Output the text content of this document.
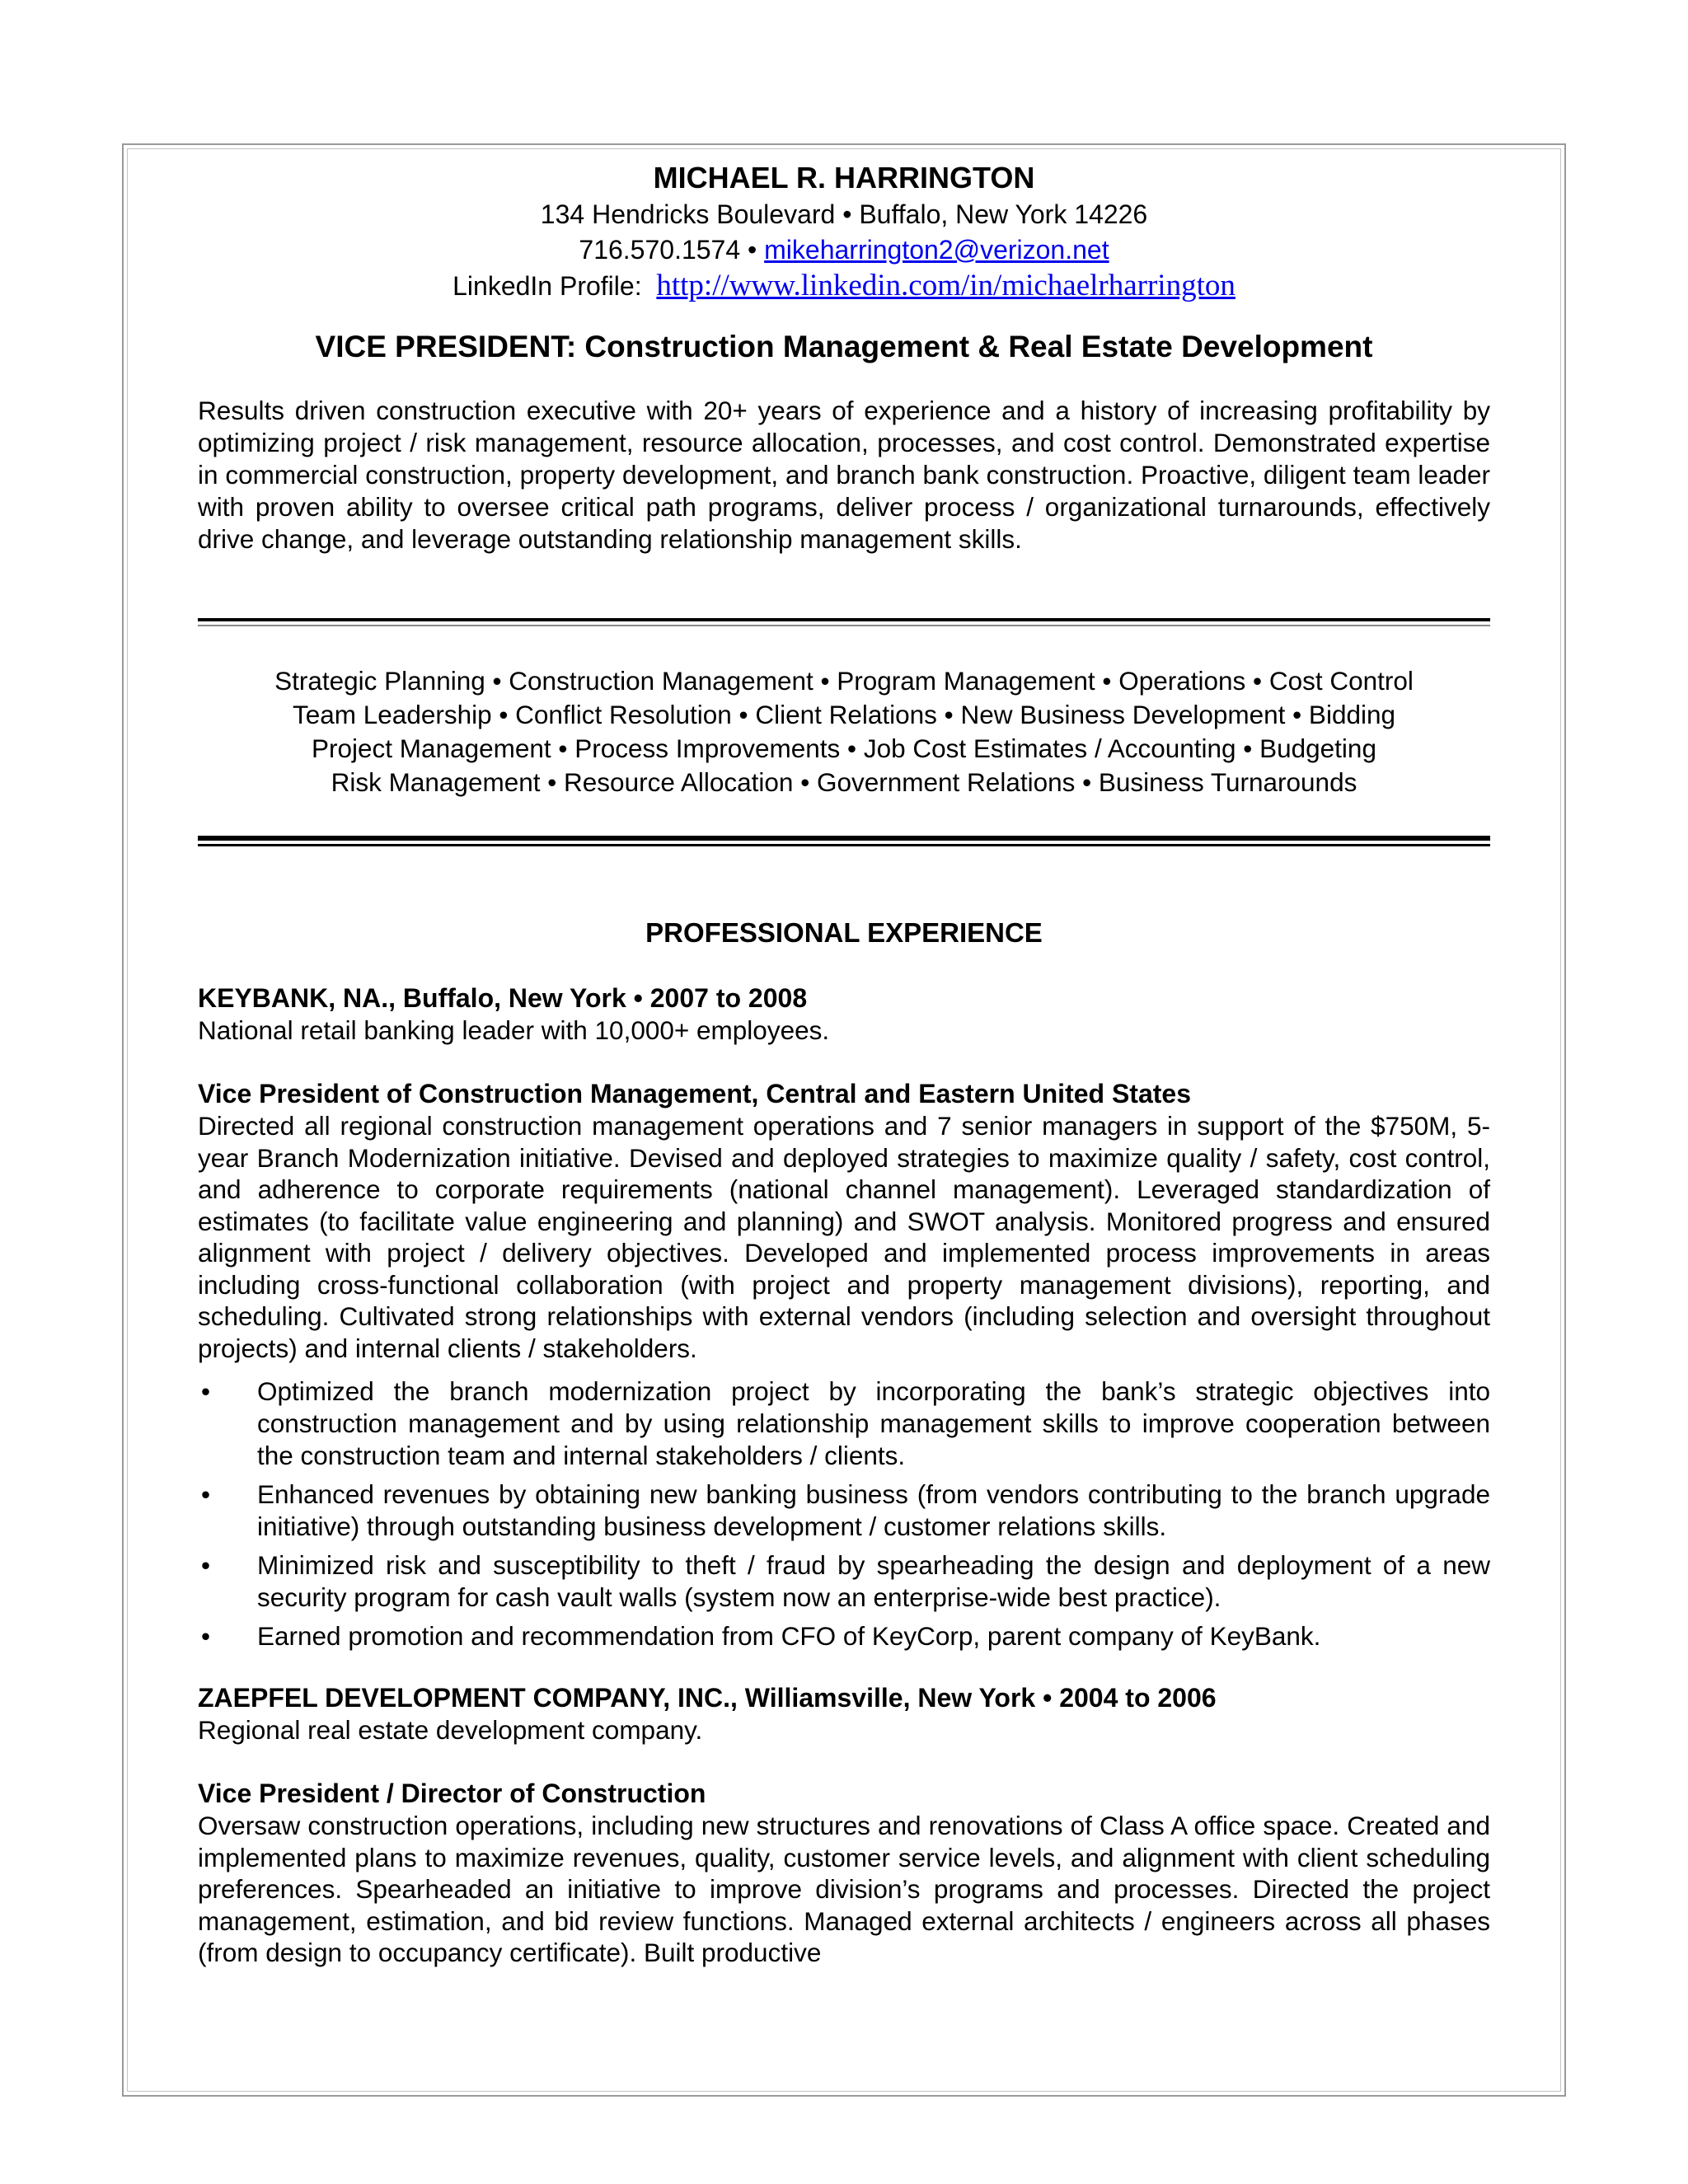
MICHAEL R. HARRINGTON
134 Hendricks Boulevard • Buffalo, New York 14226
716.570.1574 • mikeharrington2@verizon.net
LinkedIn Profile: http://www.linkedin.com/in/michaelrharrington
VICE PRESIDENT: Construction Management & Real Estate Development
Results driven construction executive with 20+ years of experience and a history of increasing profitability by optimizing project / risk management, resource allocation, processes, and cost control. Demonstrated expertise in commercial construction, property development, and branch bank construction. Proactive, diligent team leader with proven ability to oversee critical path programs, deliver process / organizational turnarounds, effectively drive change, and leverage outstanding relationship management skills.
Strategic Planning • Construction Management • Program Management • Operations • Cost Control
Team Leadership • Conflict Resolution • Client Relations • New Business Development • Bidding
Project Management • Process Improvements • Job Cost Estimates / Accounting • Budgeting
Risk Management • Resource Allocation • Government Relations • Business Turnarounds
PROFESSIONAL EXPERIENCE
KEYBANK, NA., Buffalo, New York • 2007 to 2008
National retail banking leader with 10,000+ employees.
Vice President of Construction Management, Central and Eastern United States
Directed all regional construction management operations and 7 senior managers in support of the $750M, 5-year Branch Modernization initiative. Devised and deployed strategies to maximize quality / safety, cost control, and adherence to corporate requirements (national channel management). Leveraged standardization of estimates (to facilitate value engineering and planning) and SWOT analysis. Monitored progress and ensured alignment with project / delivery objectives. Developed and implemented process improvements in areas including cross-functional collaboration (with project and property management divisions), reporting, and scheduling. Cultivated strong relationships with external vendors (including selection and oversight throughout projects) and internal clients / stakeholders.
• Optimized the branch modernization project by incorporating the bank’s strategic objectives into construction management and by using relationship management skills to improve cooperation between the construction team and internal stakeholders / clients.
• Enhanced revenues by obtaining new banking business (from vendors contributing to the branch upgrade initiative) through outstanding business development / customer relations skills.
• Minimized risk and susceptibility to theft / fraud by spearheading the design and deployment of a new security program for cash vault walls (system now an enterprise-wide best practice).
• Earned promotion and recommendation from CFO of KeyCorp, parent company of KeyBank.
ZAEPFEL DEVELOPMENT COMPANY, INC., Williamsville, New York • 2004 to 2006
Regional real estate development company.
Vice President / Director of Construction
Oversaw construction operations, including new structures and renovations of Class A office space. Created and implemented plans to maximize revenues, quality, customer service levels, and alignment with client scheduling preferences. Spearheaded an initiative to improve division’s programs and processes. Directed the project management, estimation, and bid review functions. Managed external architects / engineers across all phases (from design to occupancy certificate). Built productive
